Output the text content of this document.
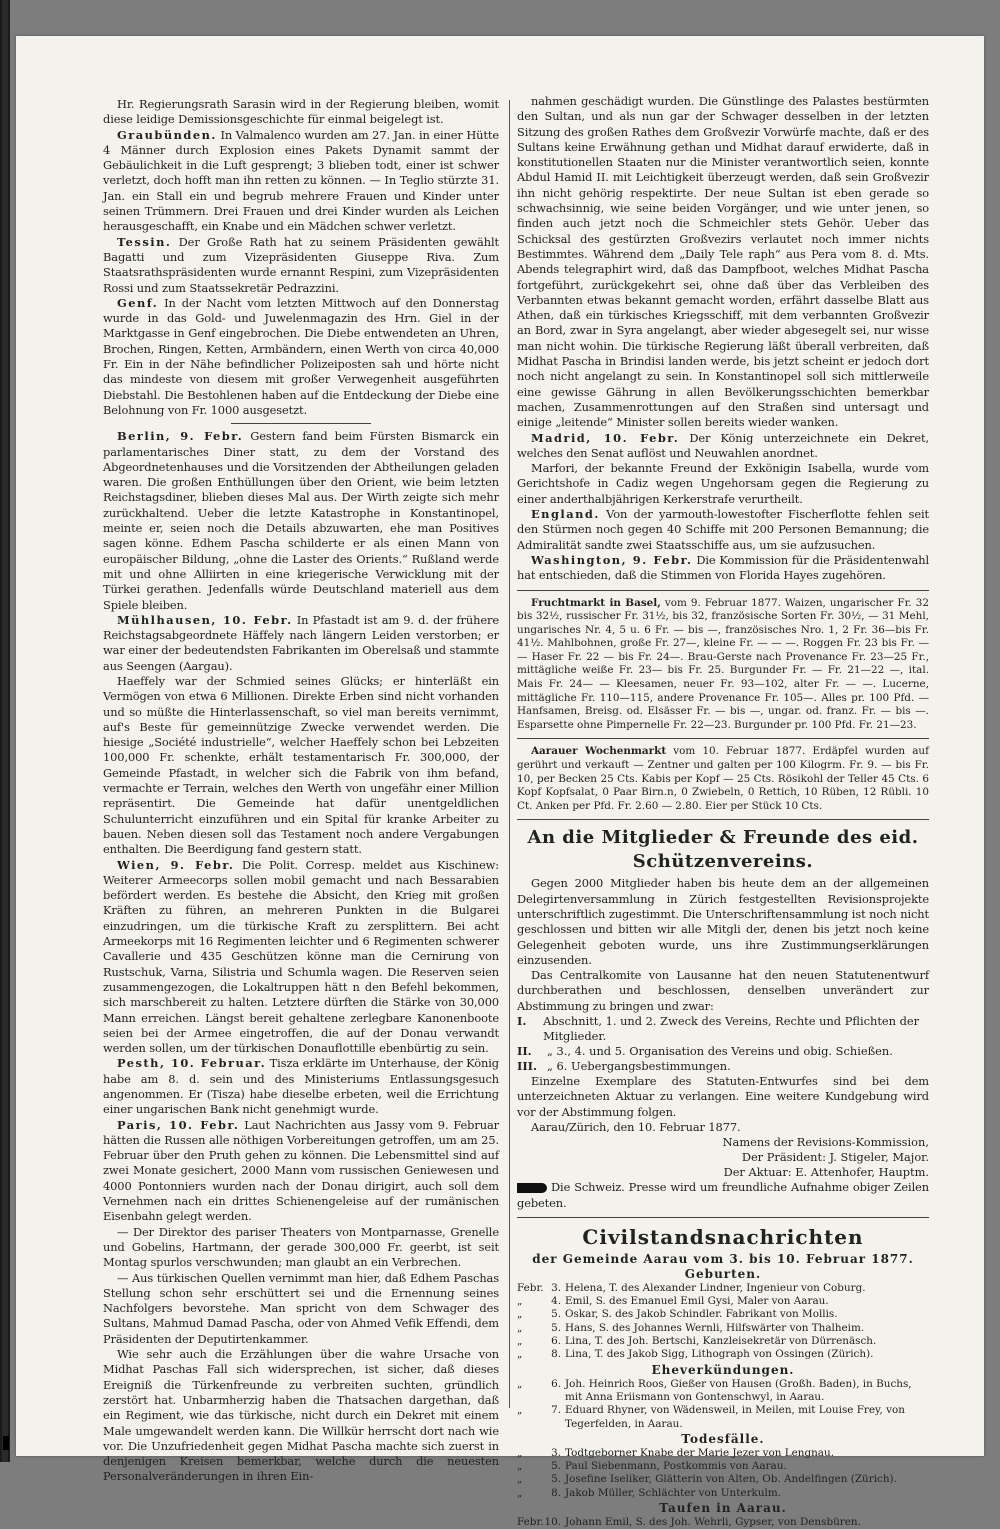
Hr. Regierungsrath Sarasin wird in der Regierung bleiben, womit diese leidige Demissionsgeschichte für einmal beigelegt ist.

Graubünden. In Valmalenco wurden am 27. Jan. in einer Hütte 4 Männer durch Explosion eines Pakets Dynamit sammt der Gebäulichkeit in die Luft gesprengt; 3 blieben todt, einer ist schwer verletzt, doch hofft man ihn retten zu können. — In Teglio stürzte 31. Jan. ein Stall ein und begrub mehrere Frauen und Kinder unter seinen Trümmern. Drei Frauen und drei Kinder wurden als Leichen herausgeschafft, ein Knabe und ein Mädchen schwer verletzt.

Tessin. Der Große Rath hat zu seinem Präsidenten gewählt Bagatti und zum Vizepräsidenten Giuseppe Riva. Zum Staatsrathspräsidenten wurde ernannt Respini, zum Vizepräsidenten Rossi und zum Staatssekretär Pedrazzini.

Genf. In der Nacht vom letzten Mittwoch auf den Donnerstag wurde in das Gold- und Juwelenmagazin des Hrn. Giel in der Marktgasse in Genf eingebrochen. Die Diebe entwendeten an Uhren, Brochen, Ringen, Ketten, Armbändern, einen Werth von circa 40,000 Fr. Ein in der Nähe befindlicher Polizeiposten sah und hörte nicht das mindeste von diesem mit großer Verwegenheit ausgeführten Diebstahl. Die Bestohlenen haben auf die Entdeckung der Diebe eine Belohnung von Fr. 1000 ausgesetzt.

Berlin, 9. Febr. Gestern fand beim Fürsten Bismarck ein parlamentarisches Diner statt, zu dem der Vorstand des Abgeordnetenhauses und die Vorsitzenden der Abtheilungen geladen waren. Die großen Enthüllungen über den Orient, wie beim letzten Reichstagsdiner, blieben dieses Mal aus. Der Wirth zeigte sich mehr zurückhaltend. Ueber die letzte Katastrophe in Konstantinopel, meinte er, seien noch die Details abzuwarten, ehe man Positives sagen könne. Edhem Pascha schilderte er als einen Mann von europäischer Bildung, „ohne die Laster des Orients.“ Rußland werde mit und ohne Alliirten in eine kriegerische Verwicklung mit der Türkei gerathen. Jedenfalls würde Deutschland materiell aus dem Spiele bleiben.

Mühlhausen, 10. Febr. In Pfastadt ist am 9. d. der frühere Reichstagsabgeordnete Häffely nach längern Leiden verstorben; er war einer der bedeutendsten Fabrikanten im Oberelsaß und stammte aus Seengen (Aargau).

Haeffely war der Schmied seines Glücks; er hinterläßt ein Vermögen von etwa 6 Millionen. Direkte Erben sind nicht vorhanden und so müßte die Hinterlassenschaft, so viel man bereits vernimmt, auf's Beste für gemeinnützige Zwecke verwendet werden. Die hiesige „Société industrielle“, welcher Haeffely schon bei Lebzeiten 100,000 Fr. schenkte, erhält testamentarisch Fr. 300,000, der Gemeinde Pfastadt, in welcher sich die Fabrik von ihm befand, vermachte er Terrain, welches den Werth von ungefähr einer Million repräsentirt. Die Gemeinde hat dafür unentgeldlichen Schulunterricht einzuführen und ein Spital für kranke Arbeiter zu bauen. Neben diesen soll das Testament noch andere Vergabungen enthalten. Die Beerdigung fand gestern statt.

Wien, 9. Febr. Die Polit. Corresp. meldet aus Kischinew: Weiterer Armeecorps sollen mobil gemacht und nach Bessarabien befördert werden. Es bestehe die Absicht, den Krieg mit großen Kräften zu führen, an mehreren Punkten in die Bulgarei einzudringen, um die türkische Kraft zu zersplittern. Bei acht Armeekorps mit 16 Regimenten leichter und 6 Regimenten schwerer Cavallerie und 435 Geschützen könne man die Cernirung von Rustschuk, Varna, Silistria und Schumla wagen. Die Reserven seien zusammengezogen, die Lokaltruppen hätt n den Befehl bekommen, sich marschbereit zu halten. Letztere dürften die Stärke von 30,000 Mann erreichen. Längst bereit gehaltene zerlegbare Kanonenboote seien bei der Armee eingetroffen, die auf der Donau verwandt werden sollen, um der türkischen Donauflottille ebenbürtig zu sein.

Pesth, 10. Februar. Tisza erklärte im Unterhause, der König habe am 8. d. sein und des Ministeriums Entlassungsgesuch angenommen. Er (Tisza) habe dieselbe erbeten, weil die Errichtung einer ungarischen Bank nicht genehmigt wurde.

Paris, 10. Febr. Laut Nachrichten aus Jassy vom 9. Februar hätten die Russen alle nöthigen Vorbereitungen getroffen, um am 25. Februar über den Pruth gehen zu können. Die Lebensmittel sind auf zwei Monate gesichert, 2000 Mann vom russischen Geniewesen und 4000 Pontonniers wurden nach der Donau dirigirt, auch soll dem Vernehmen nach ein drittes Schienengeleise auf der rumänischen Eisenbahn gelegt werden.

— Der Direktor des pariser Theaters von Montparnasse, Grenelle und Gobelins, Hartmann, der gerade 300,000 Fr. geerbt, ist seit Montag spurlos verschwunden; man glaubt an ein Verbrechen.

— Aus türkischen Quellen vernimmt man hier, daß Edhem Paschas Stellung schon sehr erschüttert sei und die Ernennung seines Nachfolgers bevorstehe. Man spricht von dem Schwager des Sultans, Mahmud Damad Pascha, oder von Ahmed Vefik Effendi, dem Präsidenten der Deputirtenkammer.

Wie sehr auch die Erzählungen über die wahre Ursache von Midhat Paschas Fall sich widersprechen, ist sicher, daß dieses Ereigniß die Türkenfreunde zu verbreiten suchten, gründlich zerstört hat. Unbarmherzig haben die Thatsachen dargethan, daß ein Regiment, wie das türkische, nicht durch ein Dekret mit einem Male umgewandelt werden kann. Die Willkür herrscht dort nach wie vor. Die Unzufriedenheit gegen Midhat Pascha machte sich zuerst in denjenigen Kreisen bemerkbar, welche durch die neuesten Personalveränderungen in ihren Ein-

nahmen geschädigt wurden. Die Günstlinge des Palastes bestürmten den Sultan, und als nun gar der Schwager desselben in der letzten Sitzung des großen Rathes dem Großvezir Vorwürfe machte, daß er des Sultans keine Erwähnung gethan und Midhat darauf erwiderte, daß in konstitutionellen Staaten nur die Minister verantwortlich seien, konnte Abdul Hamid II. mit Leichtigkeit überzeugt werden, daß sein Großvezir ihn nicht gehörig respektirte. Der neue Sultan ist eben gerade so schwachsinnig, wie seine beiden Vorgänger, und wie unter jenen, so finden auch jetzt noch die Schmeichler stets Gehör. Ueber das Schicksal des gestürzten Großvezirs verlautet noch immer nichts Bestimmtes. Während dem „Daily Tele raph“ aus Pera vom 8. d. Mts. Abends telegraphirt wird, daß das Dampfboot, welches Midhat Pascha fortgeführt, zurückgekehrt sei, ohne daß über das Verbleiben des Verbannten etwas bekannt gemacht worden, erfährt dasselbe Blatt aus Athen, daß ein türkisches Kriegsschiff, mit dem verbannten Großvezir an Bord, zwar in Syra angelangt, aber wieder abgesegelt sei, nur wisse man nicht wohin. Die türkische Regierung läßt überall verbreiten, daß Midhat Pascha in Brindisi landen werde, bis jetzt scheint er jedoch dort noch nicht angelangt zu sein. In Konstantinopel soll sich mittlerweile eine gewisse Gährung in allen Bevölkerungsschichten bemerkbar machen, Zusammenrottungen auf den Straßen sind untersagt und einige „leitende“ Minister sollen bereits wieder wanken.

Madrid, 10. Febr. Der König unterzeichnete ein Dekret, welches den Senat auflöst und Neuwahlen anordnet.

Marfori, der bekannte Freund der Exkönigin Isabella, wurde vom Gerichtshofe in Cadiz wegen Ungehorsam gegen die Regierung zu einer anderthalbjährigen Kerkerstrafe verurtheilt.

England. Von der yarmouth-lowestofter Fischerflotte fehlen seit den Stürmen noch gegen 40 Schiffe mit 200 Personen Bemannung; die Admiralität sandte zwei Staatsschiffe aus, um sie aufzusuchen.

Washington, 9. Febr. Die Kommission für die Präsidentenwahl hat entschieden, daß die Stimmen von Florida Hayes zugehören.

Fruchtmarkt in Basel, vom 9. Februar 1877. Waizen, ungarischer Fr. 32 bis 32½, russischer Fr. 31½, bis 32, französische Sorten Fr. 30½, — 31 Mehl, ungarisches Nr. 4, 5 u. 6 Fr. — bis —, französisches Nro. 1, 2 Fr. 36—bis Fr. 41½. Mahlbohnen, große Fr. 27—, kleine Fr. — — —. Roggen Fr. 23 bis Fr. — — Haser Fr. 22 — bis Fr. 24—. Brau-Gerste nach Provenance Fr. 23—25 Fr., mittägliche weiße Fr. 23— bis Fr. 25. Burgunder Fr. — Fr. 21—22 —, ital. Mais Fr. 24— — Kleesamen, neuer Fr. 93—102, alter Fr. — —. Lucerne, mittägliche Fr. 110—115, andere Provenance Fr. 105—. Alles pr. 100 Pfd. — Hanfsamen, Breisg. od. Elsässer Fr. — bis —, ungar. od. franz. Fr. — bis —. Esparsette ohne Pimpernelle Fr. 22—23. Burgunder pr. 100 Pfd. Fr. 21—23.

Aarauer Wochenmarkt vom 10. Februar 1877. Erdäpfel wurden auf gerührt und verkauft — Zentner und galten per 100 Kilogrm. Fr. 9. — bis Fr. 10, per Becken 25 Cts. Kabis per Kopf — 25 Cts. Rösikohl der Teller 45 Cts. 6 Kopf Kopfsalat, 0 Paar Birn.n, 0 Zwiebeln, 0 Rettich, 10 Rüben, 12 Rübli. 10 Ct. Anken per Pfd. Fr. 2.60 — 2.80. Eier per Stück 10 Cts.

An die Mitglieder & Freunde des eid. Schützenvereins.

Gegen 2000 Mitglieder haben bis heute dem an der allgemeinen Delegirtenversammlung in Zürich festgestellten Revisionsprojekte unterschriftlich zugestimmt. Die Unterschriftensammlung ist noch nicht geschlossen und bitten wir alle Mitgli der, denen bis jetzt noch keine Gelegenheit geboten wurde, uns ihre Zustimmungserklärungen einzusenden.

Das Centralkomite von Lausanne hat den neuen Statutenentwurf durchberathen und beschlossen, denselben unverändert zur Abstimmung zu bringen und zwar:

I.	Abschnitt, 1. und 2. Zweck des Vereins, Rechte und Pflichten der Mitglieder.
II.	„ 3., 4. und 5. Organisation des Vereins und obig. Schießen.
III. „ 6. Uebergangsbestimmungen.

Einzelne Exemplare des Statuten-Entwurfes sind bei dem unterzeichneten Aktuar zu verlangen. Eine weitere Kundgebung wird vor der Abstimmung folgen.

Aarau/Zürich, den 10. Februar 1877.

Namens der Revisions-Kommission,

Der Präsident: J. Stigeler, Major.

Der Aktuar: E. Attenhofer, Hauptm.

Die Schweiz. Presse wird um freundliche Aufnahme obiger Zeilen gebeten.

Civilstandsnachrichten
der Gemeinde Aarau vom 3. bis 10. Februar 1877.
Geburten.
Febr. 3. Helena, T. des Alexander Lindner, Ingenieur von Coburg.
„	4. Emil, S. des Emanuel Emil Gysi, Maler von Aarau.
„	5. Oskar, S. des Jakob Schindler. Fabrikant von Mollis.
„	5. Hans, S. des Johannes Wernli, Hilfswärter von Thalheim.
„	6. Lina, T. des Joh. Bertschi, Kanzleisekretär von Dürrenäsch.
„	8. Lina, T. des Jakob Sigg, Lithograph von Ossingen (Zürich).
Eheverkündungen.
„	6. Joh. Heinrich Roos, Gießer von Hausen (Großh. Baden), in Buchs, mit Anna Eriismann von Gontenschwyl, in Aarau.
„	7. Eduard Rhyner, von Wädensweil, in Meilen, mit Louise Frey, von Tegerfelden, in Aarau.
Todesfälle.
„	3. Todtgeborner Knabe der Marie Jezer von Lengnau.
„	5. Paul Siebenmann, Postkommis von Aarau.
„	5. Josefine Iseliker, Glätterin von Alten, Ob. Andelfingen (Zürich).
„	8. Jakob Müller, Schlächter von Unterkulm.
Taufen in Aarau.
Febr. 10. Johann Emil, S. des Joh. Wehrli, Gypser, von Densbüren.
